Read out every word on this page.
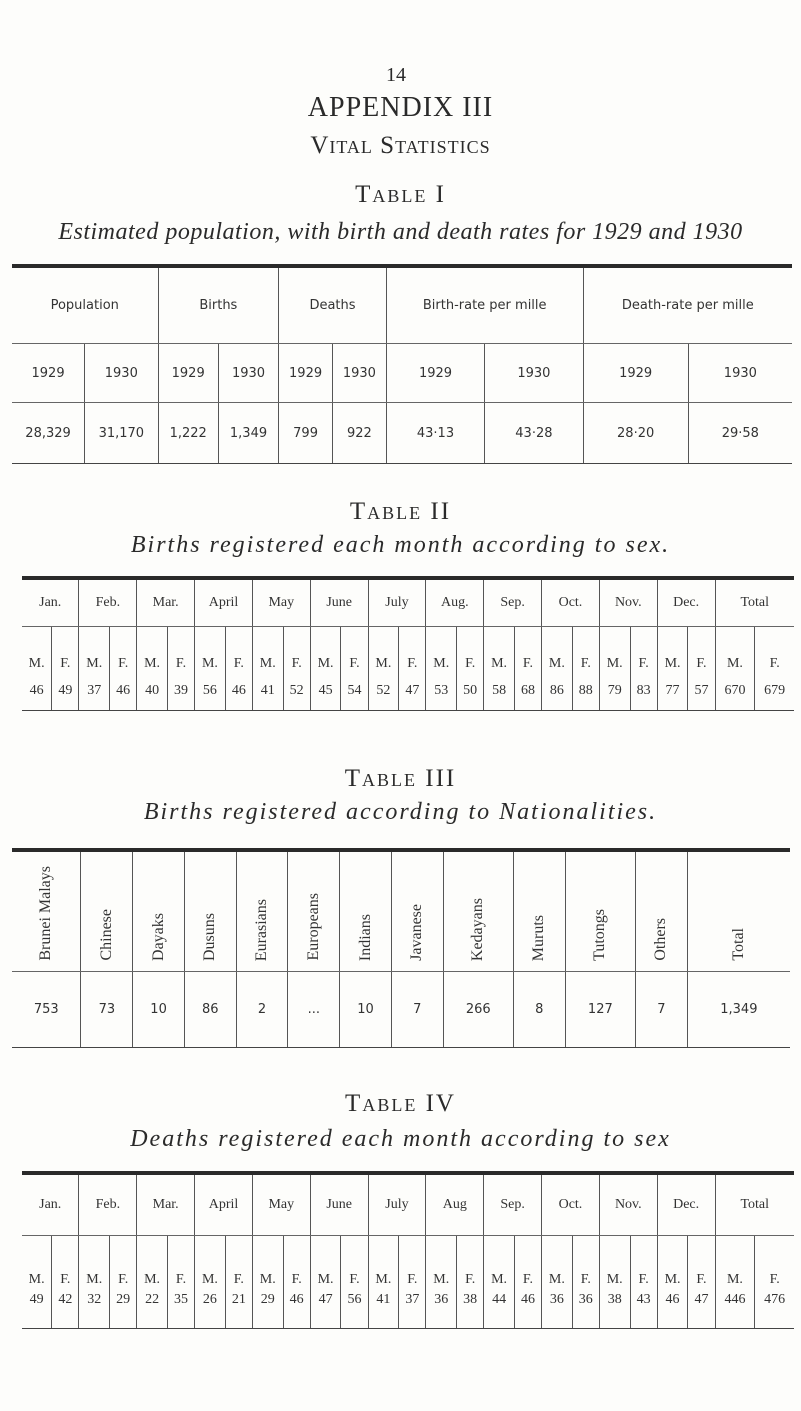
14
APPENDIX III
Vital Statistics
Table I
Estimated population, with birth and death rates for 1929 and 1930
Population		Births		Deaths		Birth-rate per mille		Death-rate per mille	
1929	1930	1929	1930	1929	1930	1929	1930	1929	1930
28,329	31,170	1,222	1,349	799	922	43·13	43·28	28·20	29·58
Table II
Births registered each month according to sex.
Jan.		Feb.		Mar.		April		May		June		July		Aug.		Sep.		Oct.		Nov.		Dec.		Total	
M.	F.	M.	F.	M.	F.	M.	F.	M.	F.	M.	F.	M.	F.	M.	F.	M.	F.	M.	F.	M.	F.	M.	F.	M.	F.
46	49	37	46	40	39	56	46	41	52	45	54	52	47	53	50	58	68	86	88	79	83	77	57	670	679
Table III
Births registered according to Nationalities.
Brunei Malays	Chinese	Dayaks	Dusuns	Eurasians	Europeans	Indians	Javanese	Kedayans	Muruts	Tutongs	Others	Total
753	73	10	86	2	...	10	7	266	8	127	7	1,349
Table IV
Deaths registered each month according to sex
Jan.		Feb.		Mar.		April		May		June		July		Aug		Sep.		Oct.		Nov.		Dec.		Total	
M.	F.	M.	F.	M.	F.	M.	F.	M.	F.	M.	F.	M.	F.	M.	F.	M.	F.	M.	F.	M.	F.	M.	F.	M.	F.
49	42	32	29	22	35	26	21	29	46	47	56	41	37	36	38	44	46	36	36	38	43	46	47	446	476
